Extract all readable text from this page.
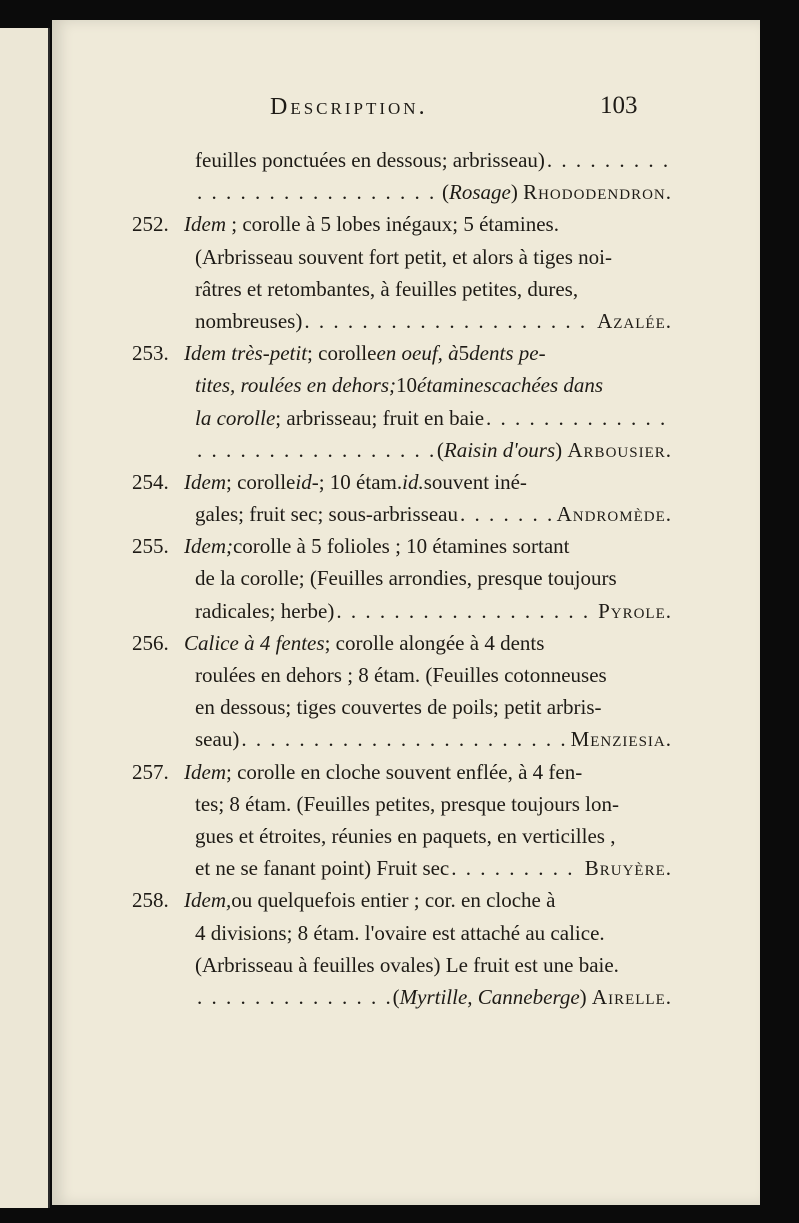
Description.	103
feuilles ponctuées en dessous; arbrisseau)
. . .
. . .
( Rosage )
Rhododendron.
252. Idem
; corolle à 5 lobes inégaux; 5 étamines.
(Arbrisseau souvent fort petit, et alors à tiges noi-
râtres et retombantes, à feuilles petites, dures,
nombreuses) . . .	Azalée.
253. Idem très-petit ; corolle en oeuf, à 5 dents pe-
tites, roulées en dehors; 10 étamines cachées dans
la corolle ; arbrisseau; fruit en baie
. . .
. . .
( Raisin d'ours )
Arbousier.
254. Idem ; corolle id- ; 10 étam. id. souvent iné-
gales; fruit sec; sous-arbrisseau . . .	Andromède.
255. Idem; corolle à 5 folioles ; 10 étamines sortant
de la corolle; (Feuilles arrondies, presque toujours
radicales; herbe) . . .	Pyrole.
256. Calice à 4 fentes ; corolle alongée à 4 dents
roulées en dehors ; 8 étam. (Feuilles cotonneuses
en dessous; tiges couvertes de poils; petit arbris-
seau) . . .	Menziesia.
257. Idem ; corolle en cloche souvent enflée, à 4 fen-
tes; 8 étam. (Feuilles petites, presque toujours lon-
gues et étroites, réunies en paquets, en verticilles ,
et ne se fanant point) Fruit sec . . .	Bruyère.
258. Idem, ou quelquefois entier ; cor. en cloche à
4 divisions; 8 étam. l'ovaire est attaché au calice.
(Arbrisseau à feuilles ovales) Le fruit est une baie.
. . .
( Myrtille, Canneberge )
Airelle.
